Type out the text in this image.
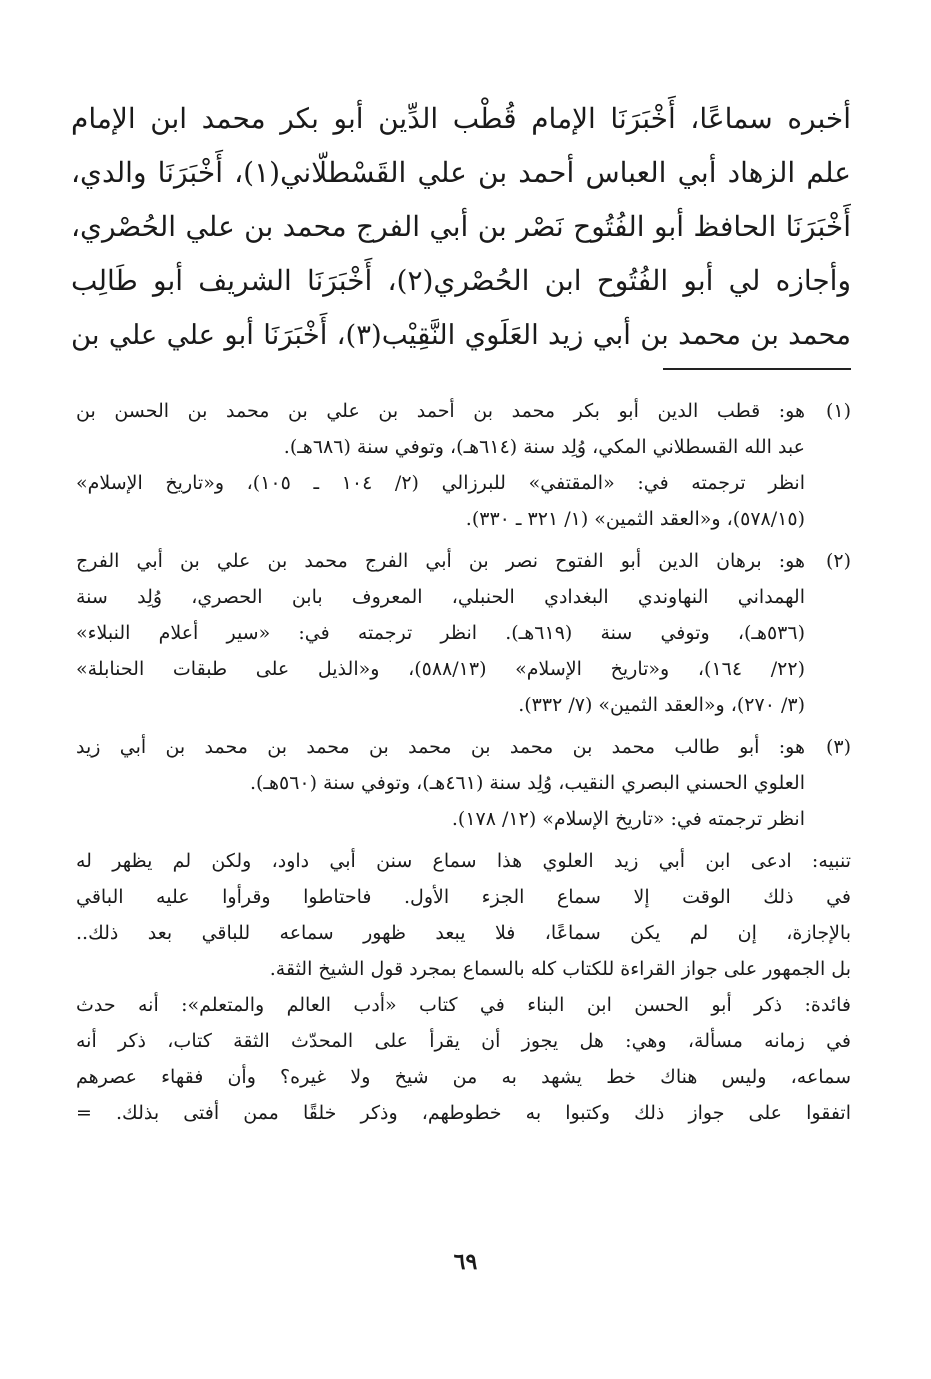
أخبره سماعًا، أَخْبَرَنَا الإمام قُطْب الدِّين أبو بكر محمد ابن الإمام
علم الزهاد أبي العباس أحمد بن علي القَسْطلّاني(١)، أَخْبَرَنَا والدي،
أَخْبَرَنَا الحافظ أبو الفُتُوح نَصْر بن أبي الفرج محمد بن علي الحُصْري،
وأجازه لي أبو الفُتُوح ابن الحُصْري(٢)، أَخْبَرَنَا الشريف أبو طَالِب
محمد بن محمد بن أبي زيد العَلَوي النَّقِيْب(٣)، أَخْبَرَنَا أبو علي علي بن
(١)
هو: قطب الدين أبو بكر محمد بن أحمد بن علي بن محمد بن الحسن بن
عبد الله القسطلاني المكي، وُلِد سنة (٦١٤هـ)، وتوفي سنة (٦٨٦هـ).
انظر ترجمته في: «المقتفي» للبرزالي (٢/ ١٠٤ ـ ١٠٥)، و«تاريخ الإسلام»
(٥٧٨/١٥)، و«العقد الثمين» (١/ ٣٢١ ـ ٣٣٠).
(٢)
هو: برهان الدين أبو الفتوح نصر بن أبي الفرج محمد بن علي بن أبي الفرج
الهمداني النهاوندي البغدادي الحنبلي، المعروف بابن الحصري، وُلِد سنة
(٥٣٦هـ)، وتوفي سنة (٦١٩هـ). انظر ترجمته في: «سير أعلام النبلاء»
(٢٢/ ١٦٤)، و«تاريخ الإسلام» (٥٨٨/١٣)، و«الذيل على طبقات الحنابلة»
(٣/ ٢٧٠)، و«العقد الثمين» (٧/ ٣٣٢).
(٣)
هو: أبو طالب محمد بن محمد بن محمد بن محمد بن محمد بن أبي زيد
العلوي الحسني البصري النقيب، وُلِد سنة (٤٦١هـ)، وتوفي سنة (٥٦٠هـ).
انظر ترجمته في: «تاريخ الإسلام» (١٢/ ١٧٨).
تنبيه: ادعى ابن أبي زيد العلوي هذا سماع سنن أبي داود، ولكن لم يظهر له
في ذلك الوقت إلا سماع الجزء الأول. فاحتاطوا وقرأوا عليه الباقي
بالإجازة، إن لم يكن سماعًا، فلا يبعد ظهور سماعه للباقي بعد ذلك..
بل الجمهور على جواز القراءة للكتاب كله بالسماع بمجرد قول الشيخ الثقة.
فائدة: ذكر أبو الحسن ابن البناء في كتاب «أدب العالم والمتعلم»: أنه حدث
في زمانه مسألة، وهي: هل يجوز أن يقرأ على المحدّث الثقة كتاب، ذكر أنه
سماعه، وليس هناك خط يشهد به من شيخ ولا غيره؟ وأن فقهاء عصرهم
اتفقوا على جواز ذلك وكتبوا به خطوطهم، وذكر خلقًا ممن أفتى بذلك. =
٦٩
